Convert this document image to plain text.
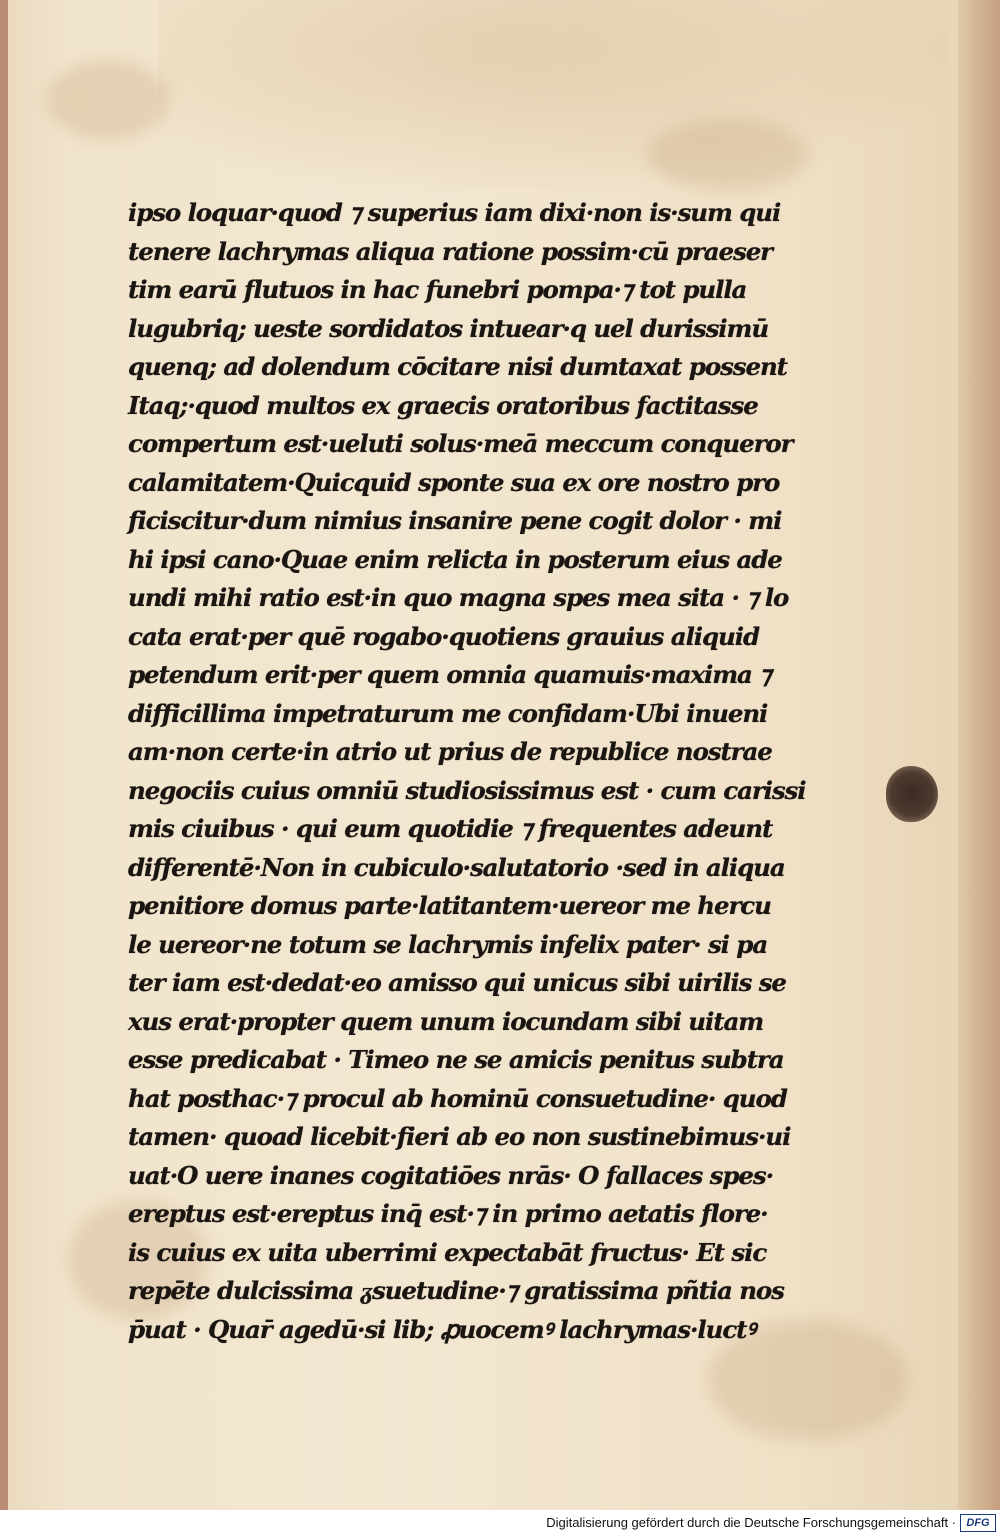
ipso loquar·quod ⁊ superius iam dixi·non is·sum qui
tenere lachrymas aliqua ratione possim·cū praeser
tim earū flutuos in hac funebri pompa·⁊ tot pulla
lugubriq; ueste sordidatos intuear·q uel durissimū
quenq; ad dolendum cōcitare nisi dumtaxat possent
Itaq;·quod multos ex graecis oratoribus factitasse
compertum est·ueluti solus·meā meccum conqueror
calamitatem·Quicquid sponte sua ex ore nostro pro
ficiscitur·dum nimius insanire pene cogit dolor · mi
hi ipsi cano·Quae enim relicta in posterum eius ade
undi mihi ratio est·in quo magna spes mea sita · ⁊ lo
cata erat·per quē rogabo·quotiens grauius aliquid
petendum erit·per quem omnia quamuis·maxima ⁊
difficillima impetraturum me confidam·Ubi inueni
am·non certe·in atrio ut prius de republice nostrae
negociis cuius omniū studiosissimus est · cum carissi
mis ciuibus · qui eum quotidie ⁊ frequentes adeunt
differentē·Non in cubiculo·salutatorio ·sed in aliqua
penitiore domus parte·latitantem·uereor me hercu
le uereor·ne totum se lachrymis infelix pater· si pa
ter iam est·dedat·eo amisso qui unicus sibi uirilis se
xus erat·propter quem unum iocundam sibi uitam
esse predicabat · Timeo ne se amicis penitus subtra
hat posthac·⁊ procul ab hominū consuetudine· quod
tamen· quoad licebit·fieri ab eo non sustinebimus·ui
uat·O uere inanes cogitatiōes nrās· O fallaces spes·
ereptus est·ereptus inq̄ est·⁊ in primo aetatis flore·
is cuius ex uita uberrimi expectabāt fructus· Et sic
repēte dulcissima ᵹsuetudine·⁊ gratissima pñtia nos
p̄uat · Quar̄ agedū·si lib; ꝓuocemꝰ lachrymas·luctꝰ
Digitalisierung gefördert durch die Deutsche Forschungsgemeinschaft · DFG
